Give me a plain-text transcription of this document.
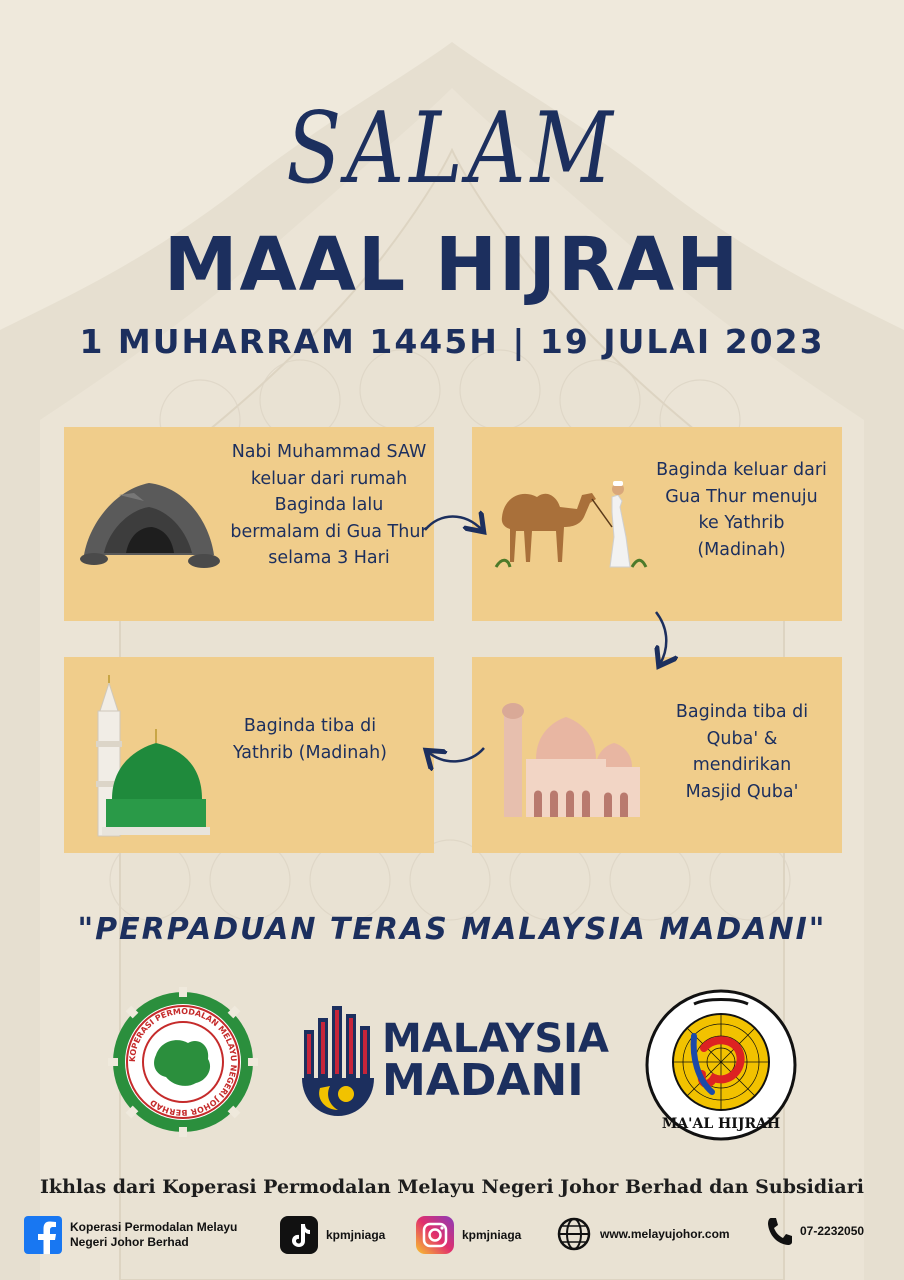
SALAM
MAAL HIJRAH
1 MUHARRAM 1445H | 19 JULAI 2023
Nabi Muhammad SAW keluar dari rumah Baginda lalu bermalam di Gua Thur selama 3 Hari
Baginda keluar dari Gua Thur menuju ke Yathrib (Madinah)
Baginda tiba di Yathrib (Madinah)
Baginda tiba di Quba' & mendirikan Masjid Quba'
"PERPADUAN TERAS MALAYSIA MADANI"
KOPERASI PERMODALAN MELAYU NEGERI JOHOR BERHAD
MALAYSIA
MADANI
MA'AL HIJRAH
Ikhlas dari Koperasi Permodalan Melayu Negeri Johor Berhad dan Subsidiari
Koperasi Permodalan Melayu
Negeri Johor Berhad
kpmjniaga	kpmjniaga	www.melayujohor.com	07-2232050
